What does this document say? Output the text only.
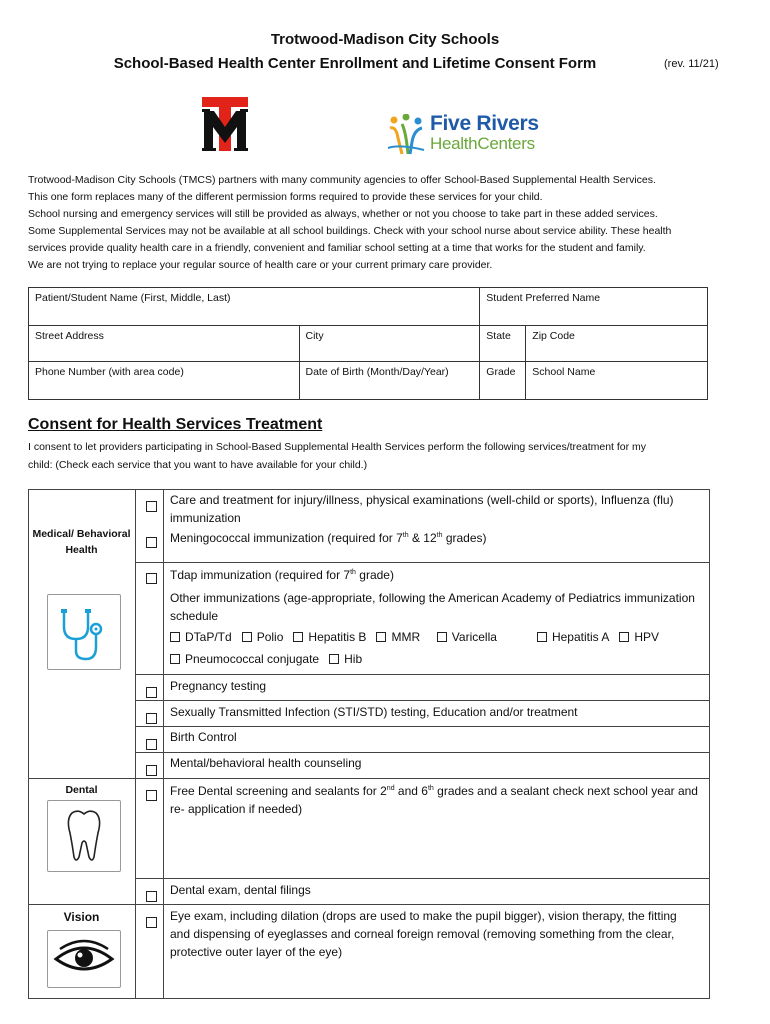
Trotwood-Madison City Schools
School-Based Health Center Enrollment and Lifetime Consent Form	(rev. 11/21)
Five Rivers
HealthCenters
Trotwood-Madison City Schools (TMCS) partners with many community agencies to offer School-Based Supplemental Health Services.
This one form replaces many of the different permission forms required to provide these services for your child.
School nursing and emergency services will still be provided as always, whether or not you choose to take part in these added services.
Some Supplemental Services may not be available at all school buildings. Check with your school nurse about service ability. These health
services provide quality health care in a friendly, convenient and familiar school setting at a time that works for the student and family.
We are not trying to replace your regular source of health care or your current primary care provider.
Patient/Student Name (First, Middle, Last)		Student Preferred Name	
Street Address	City	State	Zip Code
Phone Number (with area code)	Date of Birth (Month/Day/Year)	Grade	School Name
Consent for Health Services Treatment
I consent to let providers participating in School-Based Supplemental Health Services perform the following services/treatment for my
child: (Check each service that you want to have available for your child.)
Medical/ Behavioral Health
Care and treatment for injury/illness, physical examinations (well-child or sports), Influenza (flu) immunization
Meningococcal immunization (required for 7th & 12th grades)
Tdap immunization (required for 7th grade)
Other immunizations (age-appropriate, following the American Academy of Pediatrics immunization schedule
DTaP/Td Polio Hepatitis B MMR	Varicella	Hepatitis A HPV
Pneumococcal conjugate Hib
Pregnancy testing
Sexually Transmitted Infection (STI/STD) testing, Education and/or treatment
Birth Control
Mental/behavioral health counseling
Dental	Free Dental screening and sealants for 2nd and 6th grades and a sealant check next school year and re- application if needed)
Dental exam, dental filings
Vision	Eye exam, including dilation (drops are used to make the pupil bigger), vision therapy, the fitting and dispensing of eyeglasses and corneal foreign removal (removing something from the clear, protective outer layer of the eye)
